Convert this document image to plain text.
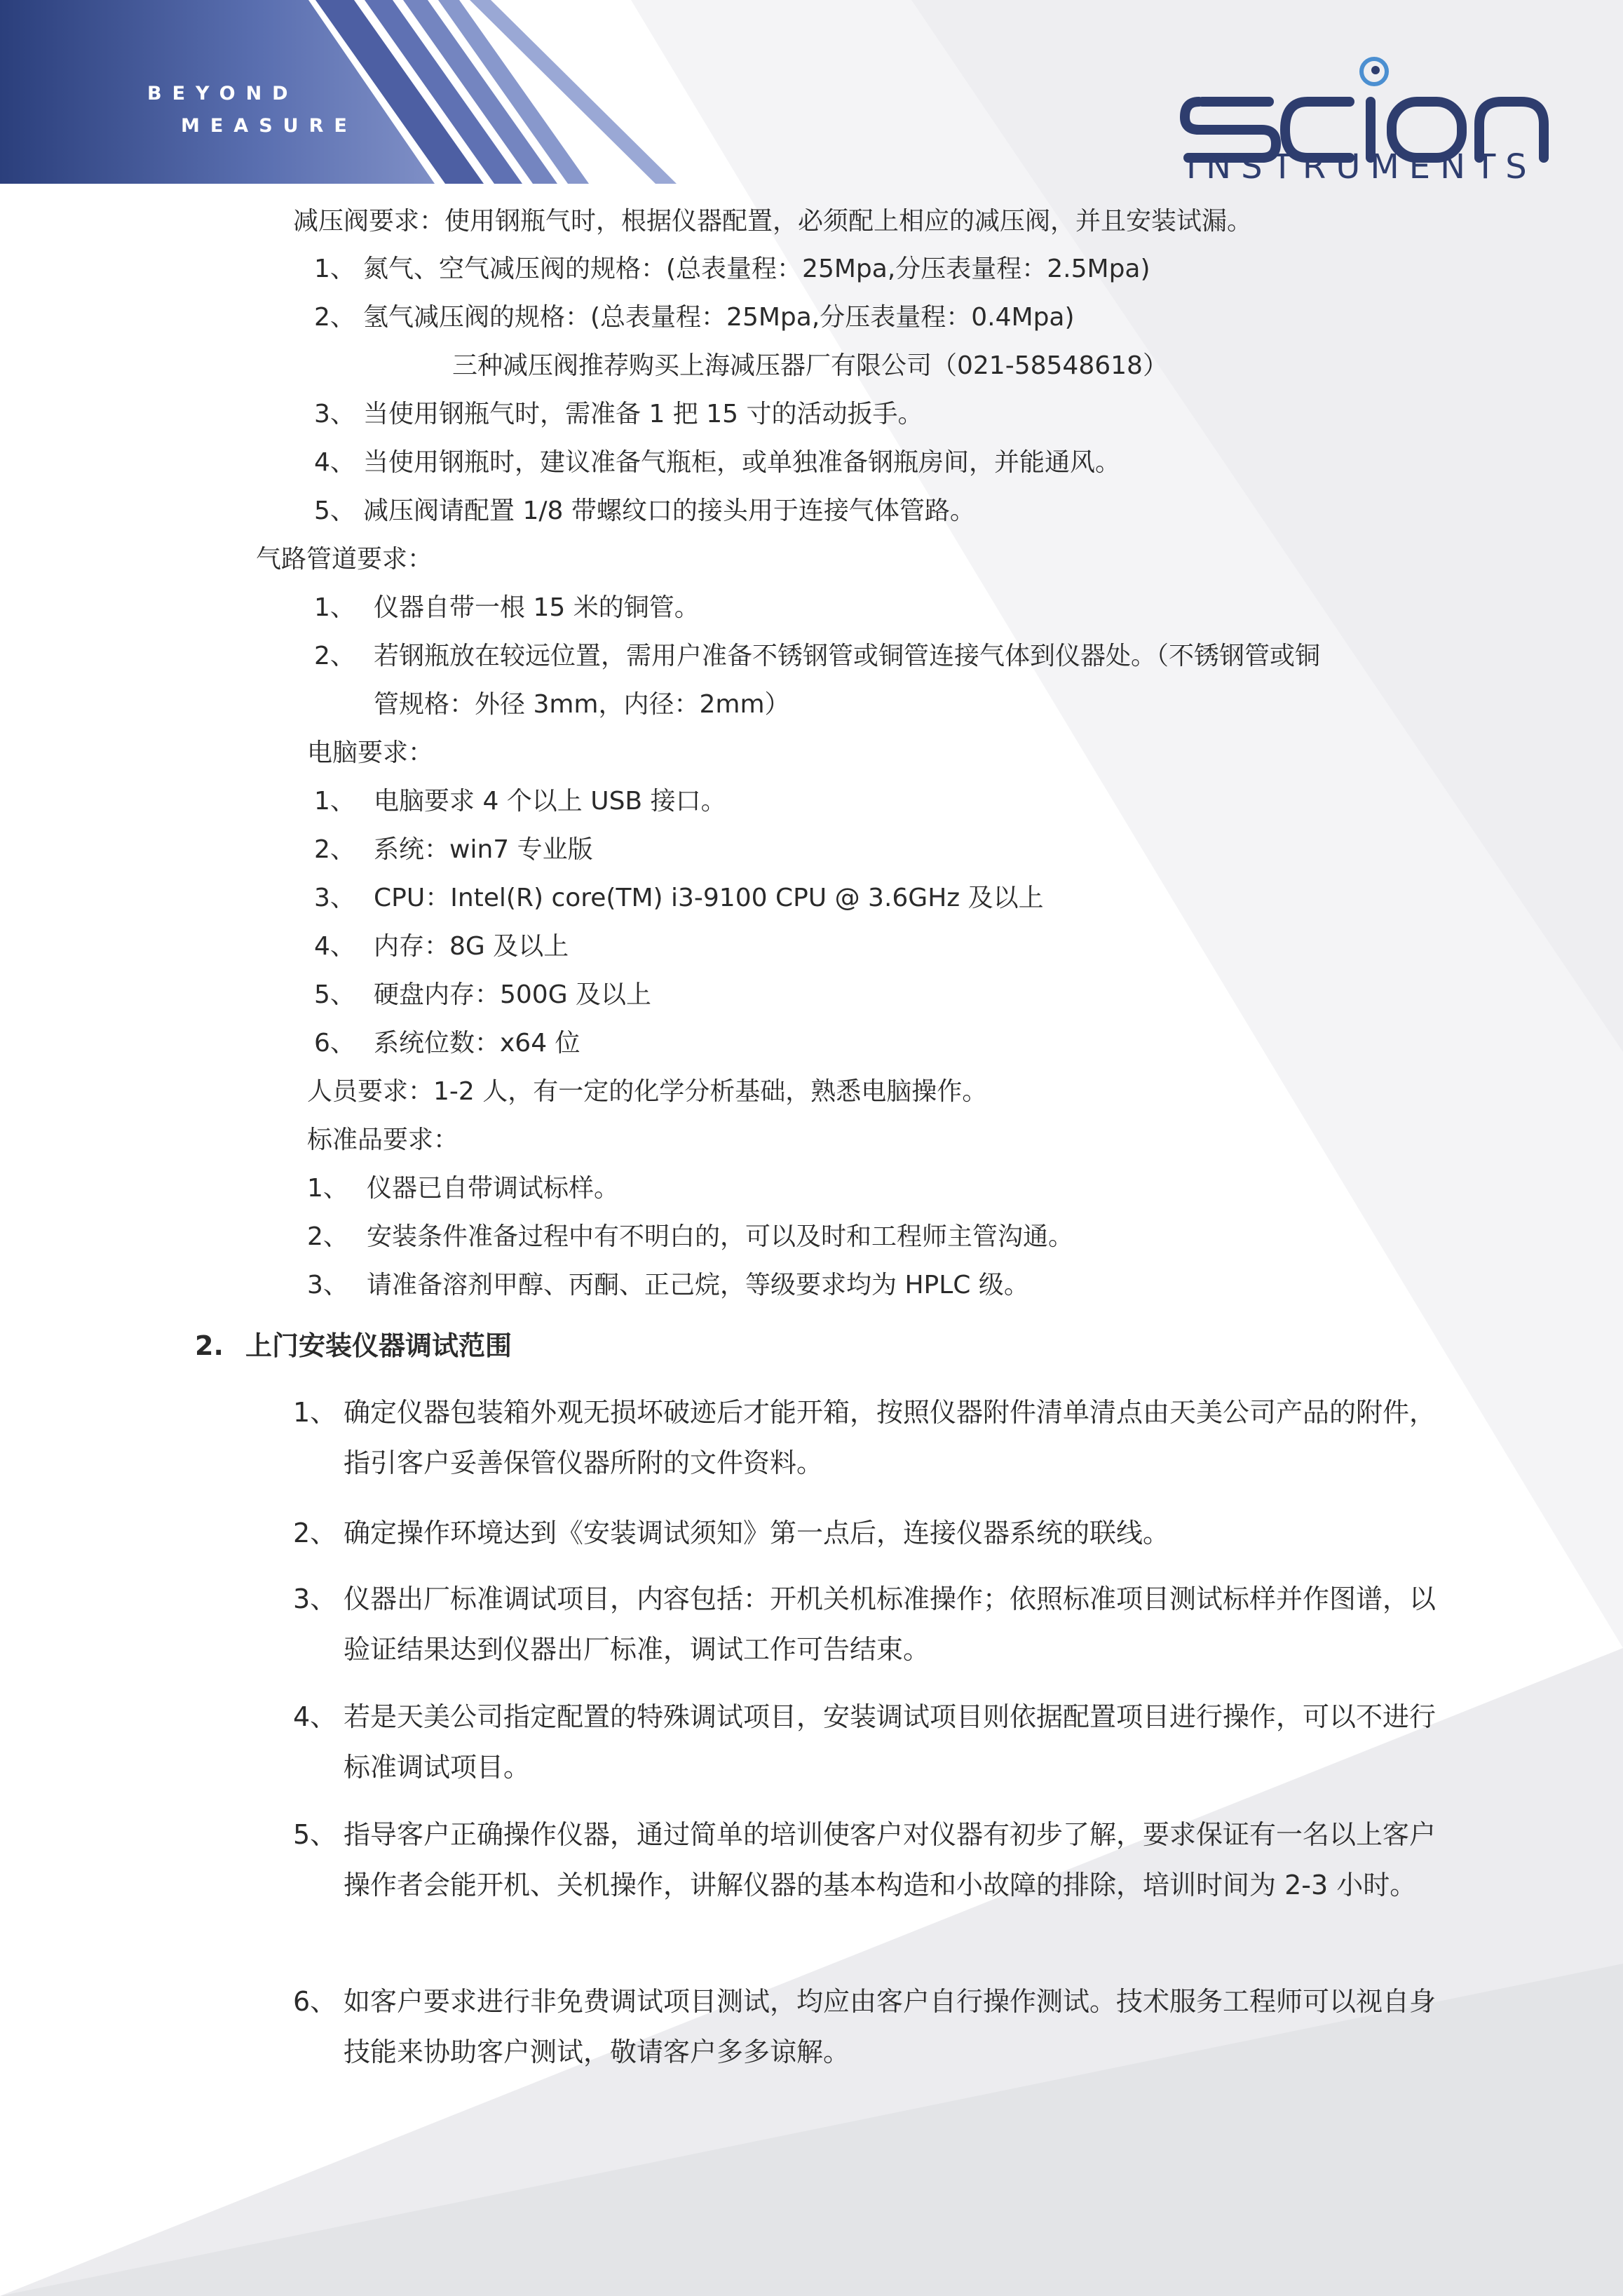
BEYOND
MEASURE
INSTRUMENTS
减压阀要求：使用钢瓶气时，根据仪器配置，必须配上相应的减压阀，并且安装试漏。
1、 氮气、空气减压阀的规格：(总表量程：25Mpa,分压表量程：2.5Mpa)
2、 氢气减压阀的规格：(总表量程：25Mpa,分压表量程：0.4Mpa)
三种减压阀推荐购买上海减压器厂有限公司（021-58548618）
3、 当使用钢瓶气时，需准备 1 把 15 寸的活动扳手。
4、 当使用钢瓶时，建议准备气瓶柜，或单独准备钢瓶房间，并能通风。
5、 减压阀请配置 1/8 带螺纹口的接头用于连接气体管路。
气路管道要求：
1、 仪器自带一根 15 米的铜管。
2、 若钢瓶放在较远位置，需用户准备不锈钢管或铜管连接气体到仪器处。（不锈钢管或铜
管规格：外径 3mm，内径：2mm）
电脑要求：
1、 电脑要求 4 个以上 USB 接口。
2、 系统：win7 专业版
3、 CPU：Intel(R) core(TM) i3-9100 CPU @ 3.6GHz 及以上
4、 内存：8G 及以上
5、 硬盘内存：500G 及以上
6、 系统位数：x64 位
人员要求：1-2 人，有一定的化学分析基础，熟悉电脑操作。
标准品要求：
1、 仪器已自带调试标样。
2、 安装条件准备过程中有不明白的，可以及时和工程师主管沟通。
3、 请准备溶剂甲醇、丙酮、正己烷，等级要求均为 HPLC 级。
2. 上门安装仪器调试范围
1、 确定仪器包装箱外观无损坏破迹后才能开箱，按照仪器附件清单清点由天美公司产品的附件，指引客户妥善保管仪器所附的文件资料。
2、 确定操作环境达到《安装调试须知》第一点后，连接仪器系统的联线。
3、 仪器出厂标准调试项目，内容包括：开机关机标准操作；依照标准项目测试标样并作图谱，以验证结果达到仪器出厂标准，调试工作可告结束。
4、 若是天美公司指定配置的特殊调试项目，安装调试项目则依据配置项目进行操作，可以不进行标准调试项目。
5、 指导客户正确操作仪器，通过简单的培训使客户对仪器有初步了解，要求保证有一名以上客户操作者会能开机、关机操作，讲解仪器的基本构造和小故障的排除，培训时间为 2-3 小时。
6、 如客户要求进行非免费调试项目测试，均应由客户自行操作测试。技术服务工程师可以视自身技能来协助客户测试，敬请客户多多谅解。
